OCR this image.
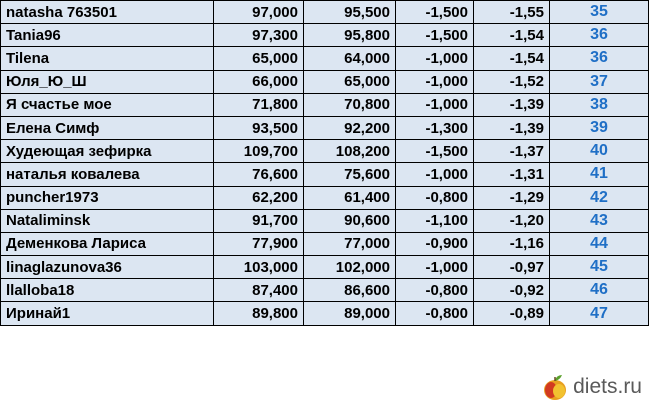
natasha 763501	97,000	95,500	-1,500	-1,55	35
Tania96	97,300	95,800	-1,500	-1,54	36
Tilena	65,000	64,000	-1,000	-1,54	36
Юля_Ю_Ш	66,000	65,000	-1,000	-1,52	37
Я счастье мое	71,800	70,800	-1,000	-1,39	38
Елена Симф	93,500	92,200	-1,300	-1,39	39
Худеющая зефирка	109,700	108,200	-1,500	-1,37	40
наталья ковалева	76,600	75,600	-1,000	-1,31	41
puncher1973	62,200	61,400	-0,800	-1,29	42
Nataliminsk	91,700	90,600	-1,100	-1,20	43
Деменкова Лариса	77,900	77,000	-0,900	-1,16	44
linaglazunova36	103,000	102,000	-1,000	-0,97	45
llalloba18	87,400	86,600	-0,800	-0,92	46
Иринай1	89,800	89,000	-0,800	-0,89	47
diets.ru
